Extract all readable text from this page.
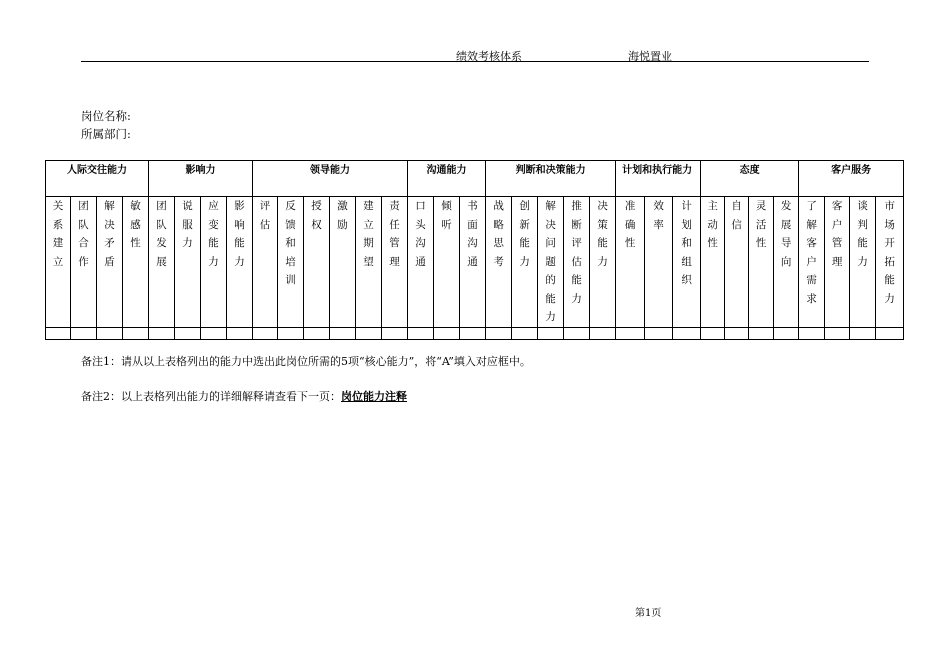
绩效考核体系	海悦置业
岗位名称:
所属部门:
人际交往能力				影响力				领导能力						沟通能力			判断和决策能力					计划和执行能力			态度				客户服务			
关系建立	团队合作	解决矛盾	敏感性	团队发展	说服力	应变能力	影响能力	评估	反馈和培训	授权	激励	建立期望	责任管理	口头沟通	倾听	书面沟通	战略思考	创新能力	解决问题的能力	推断评估能力	决策能力	准确性	效率	计划和组织	主动性	自信	灵活性	发展导向	了解客户需求	客户管理	谈判能力	市场开拓能力

备注1：请从以上表格列出的能力中选出此岗位所需的5项“核心能力”，将“A”填入对应框中。
备注2：以上表格列出能力的详细解释请查看下一页：岗位能力注释
第1页
